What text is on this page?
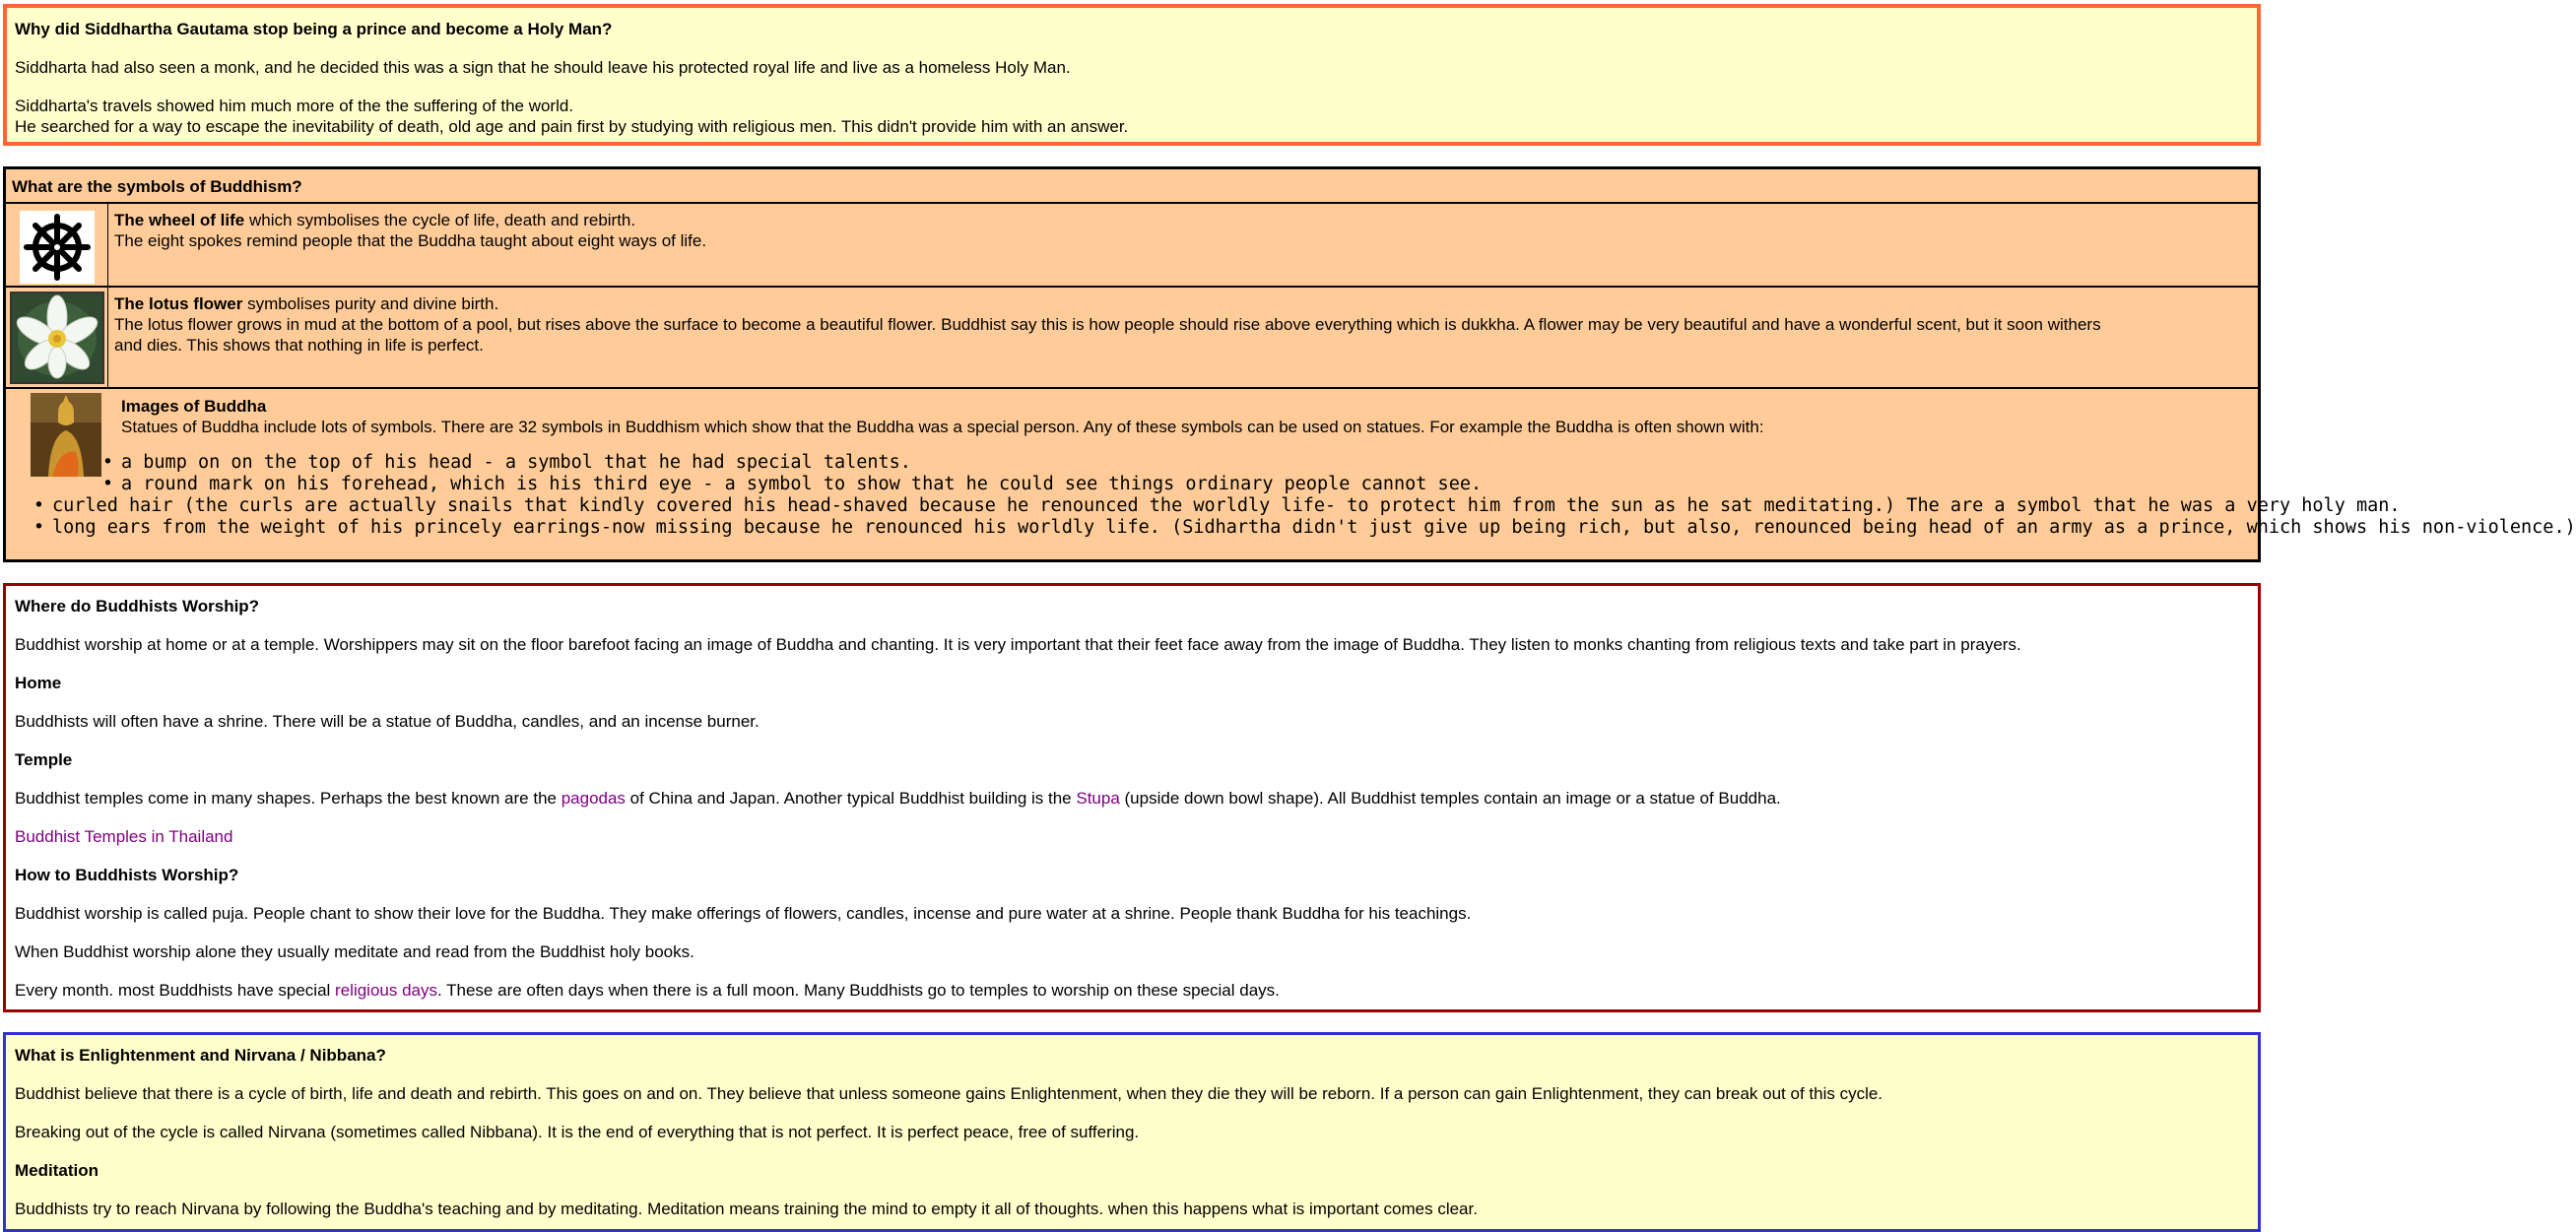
Why did Siddhartha Gautama stop being a prince and become a Holy Man?

Siddharta had also seen a monk, and he decided this was a sign that he should leave his protected royal life and live as a homeless Holy Man.

Siddharta's travels showed him much more of the the suffering of the world.

He searched for a way to escape the inevitability of death, old age and pain first by studying with religious men. This didn't provide him with an answer.

What are the symbols of Buddhism?

The wheel of life which symbolises the cycle of life, death and rebirth.

The eight spokes remind people that the Buddha taught about eight ways of life.

The lotus flower symbolises purity and divine birth.

The lotus flower grows in mud at the bottom of a pool, but rises above the surface to become a beautiful flower. Buddhist say this is how people should rise above everything which is dukkha. A flower may be very beautiful and have a wonderful scent, but it soon withers

and dies. This shows that nothing in life is perfect.

Images of Buddha

Statues of Buddha include lots of symbols. There are 32 symbols in Buddhism which show that the Buddha was a special person. Any of these symbols can be used on statues. For example the Buddha is often shown with:

• a bump on on the top of his head - a symbol that he had special talents.
• a round mark on his forehead, which is his third eye - a symbol to show that he could see things ordinary people cannot see.
• curled hair (the curls are actually snails that kindly covered his head-shaved because he renounced the worldly life- to protect him from the sun as he sat meditating.) The are a symbol that he was a very holy man.
• long ears from the weight of his princely earrings-now missing because he renounced his worldly life. (Sidhartha didn't just give up being rich, but also, renounced being head of an army as a prince, which shows his non-violence.)

Where do Buddhists Worship?

Buddhist worship at home or at a temple. Worshippers may sit on the floor barefoot facing an image of Buddha and chanting. It is very important that their feet face away from the image of Buddha. They listen to monks chanting from religious texts and take part in prayers.

Home

Buddhists will often have a shrine. There will be a statue of Buddha, candles, and an incense burner.

Temple

Buddhist temples come in many shapes. Perhaps the best known are the pagodas of China and Japan. Another typical Buddhist building is the Stupa (upside down bowl shape). All Buddhist temples contain an image or a statue of Buddha.

Buddhist Temples in Thailand

How to Buddhists Worship?

Buddhist worship is called puja. People chant to show their love for the Buddha. They make offerings of flowers, candles, incense and pure water at a shrine. People thank Buddha for his teachings.

When Buddhist worship alone they usually meditate and read from the Buddhist holy books.

Every month. most Buddhists have special religious days. These are often days when there is a full moon. Many Buddhists go to temples to worship on these special days.

What is Enlightenment and Nirvana / Nibbana?

Buddhist believe that there is a cycle of birth, life and death and rebirth. This goes on and on. They believe that unless someone gains Enlightenment, when they die they will be reborn. If a person can gain Enlightenment, they can break out of this cycle.

Breaking out of the cycle is called Nirvana (sometimes called Nibbana). It is the end of everything that is not perfect. It is perfect peace, free of suffering.

Meditation

Buddhists try to reach Nirvana by following the Buddha's teaching and by meditating. Meditation means training the mind to empty it all of thoughts. when this happens what is important comes clear.
